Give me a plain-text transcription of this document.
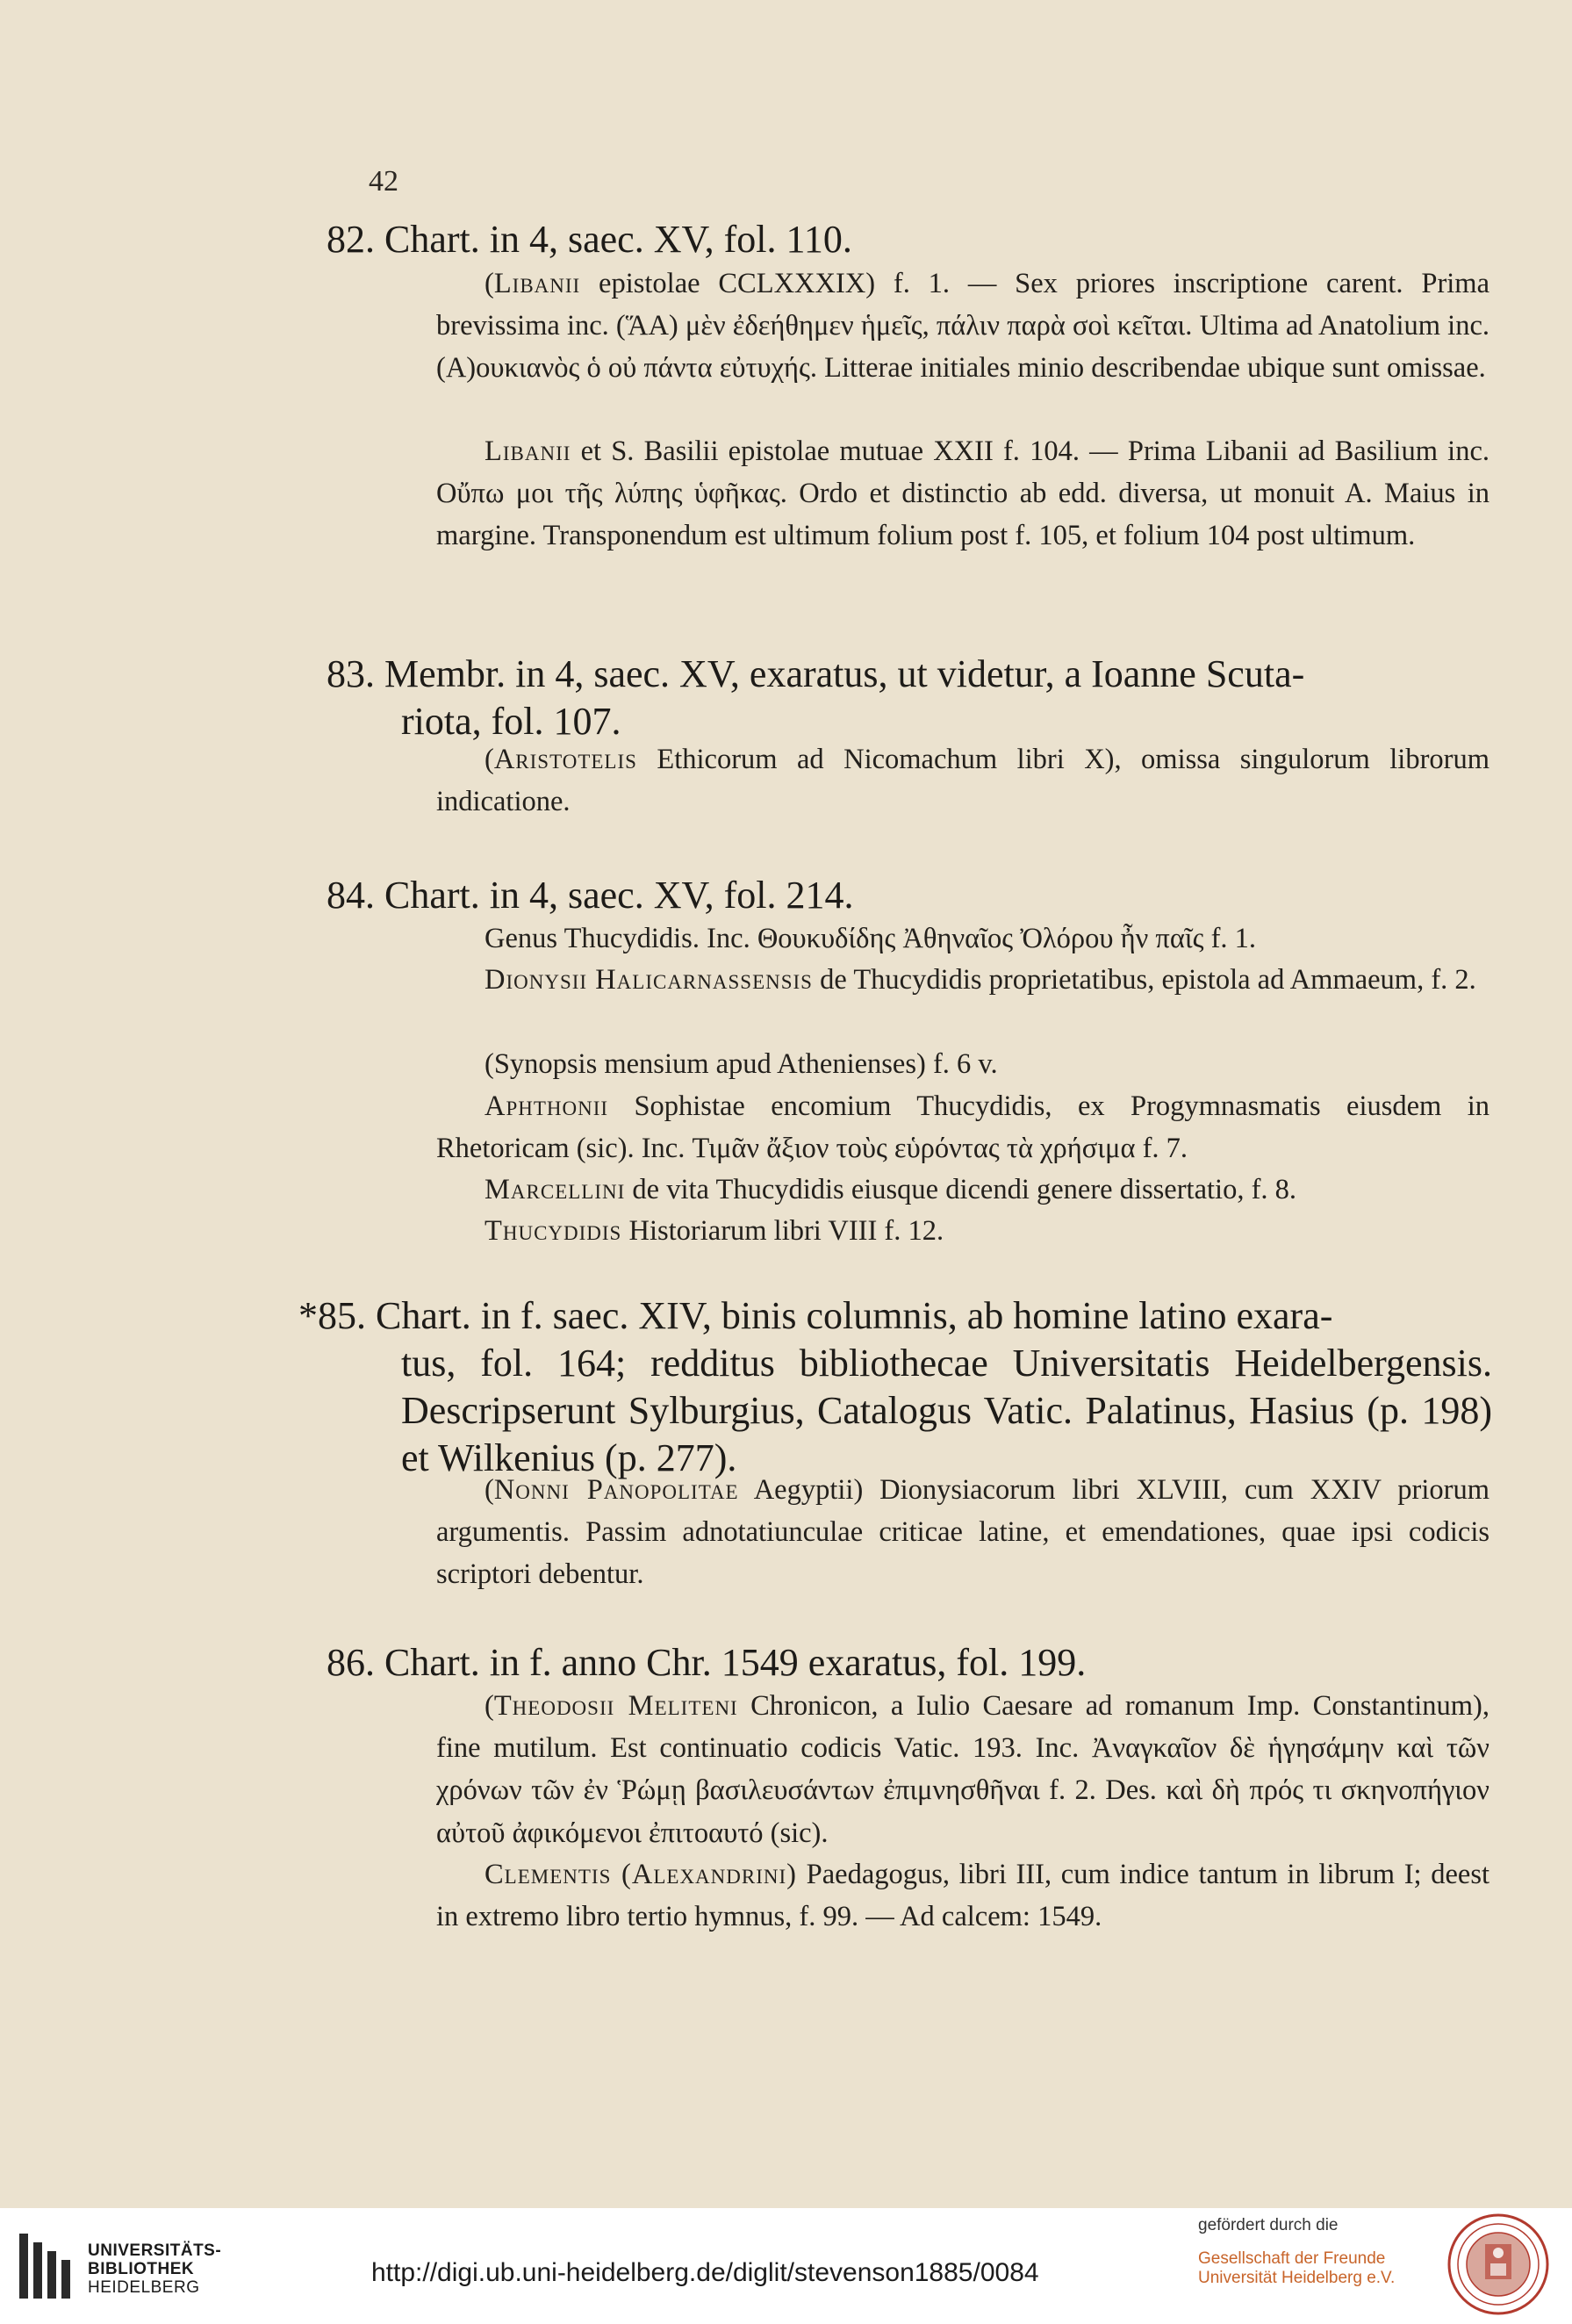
42
82. Chart. in 4, saec. XV, fol. 110.
(Libanii epistolae CCLXXXIX) f. 1. — Sex priores inscriptione carent. Prima brevissima inc. (ἍA) μὲν ἐδεήθημεν ἡμεῖς, πάλιν παρὰ σοὶ κεῖται. Ultima ad Anatolium inc. (Α)ουκιανὸς ὁ οὐ πάντα εὐτυχής. Litterae initiales minio describendae ubique sunt omissae.
Libanii et S. Basilii epistolae mutuae XXII f. 104. — Prima Libanii ad Basilium inc. Οὔπω μοι τῆς λύπης ὑφῆκας. Ordo et distinctio ab edd. diversa, ut monuit A. Maius in margine. Transponendum est ultimum folium post f. 105, et folium 104 post ultimum.
83. Membr. in 4, saec. XV, exaratus, ut videtur, a Ioanne Scuta-
riota, fol. 107.
(Aristotelis Ethicorum ad Nicomachum libri X), omissa singulorum librorum indicatione.
84. Chart. in 4, saec. XV, fol. 214.
Genus Thucydidis. Inc. Θουκυδίδης Ἀθηναῖος Ὀλόρου ἦν παῖς f. 1.
Dionysii Halicarnassensis de Thucydidis proprietatibus, epistola ad Ammaeum, f. 2.
(Synopsis mensium apud Athenienses) f. 6 v.
Aphthonii Sophistae encomium Thucydidis, ex Progymnasmatis eiusdem in Rhetoricam (sic). Inc. Τιμᾶν ἄξιον τοὺς εὑρόντας τὰ χρήσιμα f. 7.
Marcellini de vita Thucydidis eiusque dicendi genere dissertatio, f. 8.
Thucydidis Historiarum libri VIII f. 12.
*85. Chart. in f. saec. XIV, binis columnis, ab homine latino exara-
tus, fol. 164; redditus bibliothecae Universitatis Heidelbergensis. Descripserunt Sylburgius, Catalogus Vatic. Palatinus, Hasius (p. 198) et Wilkenius (p. 277).
(Nonni Panopolitae Aegyptii) Dionysiacorum libri XLVIII, cum XXIV priorum argumentis. Passim adnotatiunculae criticae latine, et emendationes, quae ipsi codicis scriptori debentur.
86. Chart. in f. anno Chr. 1549 exaratus, fol. 199.
(Theodosii Meliteni Chronicon, a Iulio Caesare ad romanum Imp. Constantinum), fine mutilum. Est continuatio codicis Vatic. 193. Inc. Ἀναγκαῖον δὲ ἡγησάμην καὶ τῶν χρόνων τῶν ἐν Ῥώμῃ βασιλευσάντων ἐπιμνησθῆναι f. 2. Des. καὶ δὴ πρός τι σκηνοπήγιον αὐτοῦ ἀφικόμενοι ἐπιτοαυτό (sic).
Clementis (Alexandrini) Paedagogus, libri III, cum indice tantum in librum I; deest in extremo libro tertio hymnus, f. 99. — Ad calcem: 1549.
UNIVERSITÄTS-
BIBLIOTHEK
HEIDELBERG
http://digi.ub.uni-heidelberg.de/diglit/stevenson1885/0084
gefördert durch die
Gesellschaft der Freunde
Universität Heidelberg e.V.
